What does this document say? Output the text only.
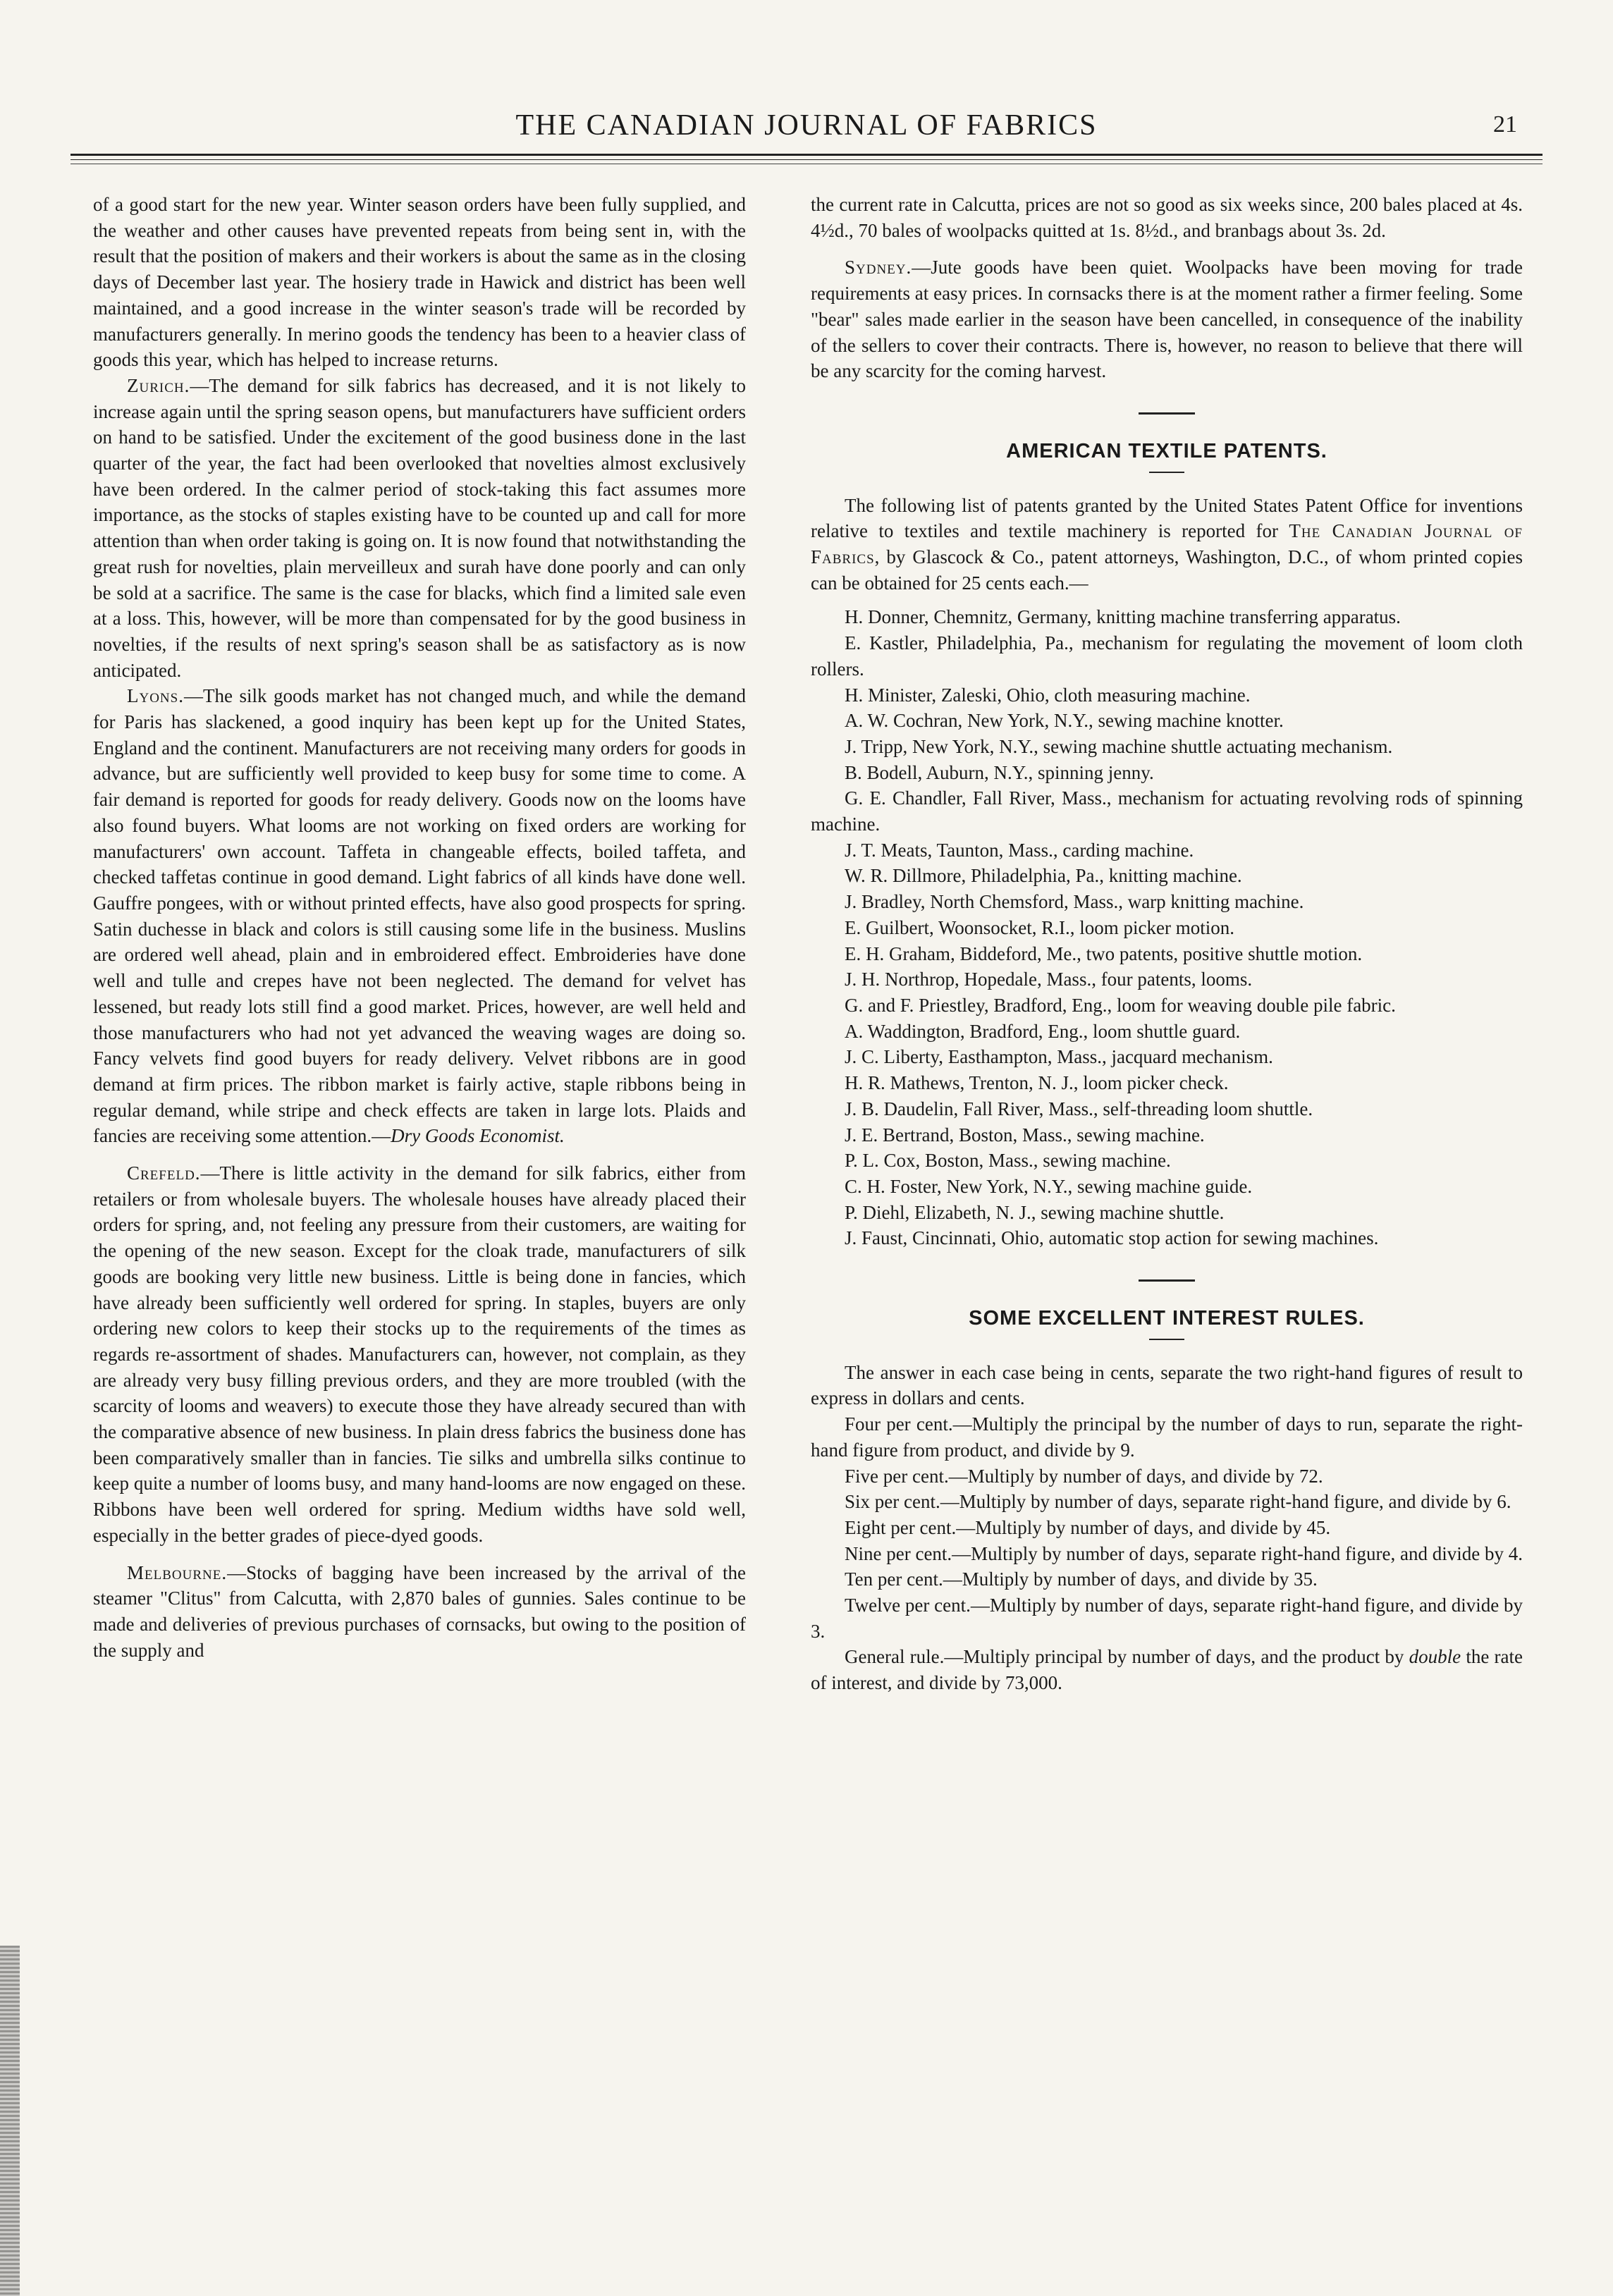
THE CANADIAN JOURNAL OF FABRICS	21

of a good start for the new year. Winter season orders have been fully supplied, and the weather and other causes have prevented repeats from being sent in, with the result that the position of makers and their workers is about the same as in the closing days of December last year. The hosiery trade in Hawick and district has been well maintained, and a good increase in the winter season's trade will be recorded by manufacturers generally. In merino goods the tendency has been to a heavier class of goods this year, which has helped to increase returns.

Zurich.—The demand for silk fabrics has decreased, and it is not likely to increase again until the spring season opens, but manufacturers have sufficient orders on hand to be satisfied. Under the excitement of the good business done in the last quarter of the year, the fact had been overlooked that novelties almost exclusively have been ordered. In the calmer period of stock-taking this fact assumes more importance, as the stocks of staples existing have to be counted up and call for more attention than when order taking is going on. It is now found that notwithstanding the great rush for novelties, plain merveilleux and surah have done poorly and can only be sold at a sacrifice. The same is the case for blacks, which find a limited sale even at a loss. This, however, will be more than compensated for by the good business in novelties, if the results of next spring's season shall be as satisfactory as is now anticipated.

Lyons.—The silk goods market has not changed much, and while the demand for Paris has slackened, a good inquiry has been kept up for the United States, England and the continent. Manufacturers are not receiving many orders for goods in advance, but are sufficiently well provided to keep busy for some time to come. A fair demand is reported for goods for ready delivery. Goods now on the looms have also found buyers. What looms are not working on fixed orders are working for manufacturers' own account. Taffeta in changeable effects, boiled taffeta, and checked taffetas continue in good demand. Light fabrics of all kinds have done well. Gauffre pongees, with or without printed effects, have also good prospects for spring. Satin duchesse in black and colors is still causing some life in the business. Muslins are ordered well ahead, plain and in embroidered effect. Embroideries have done well and tulle and crepes have not been neglected. The demand for velvet has lessened, but ready lots still find a good market. Prices, however, are well held and those manufacturers who had not yet advanced the weaving wages are doing so. Fancy velvets find good buyers for ready delivery. Velvet ribbons are in good demand at firm prices. The ribbon market is fairly active, staple ribbons being in regular demand, while stripe and check effects are taken in large lots. Plaids and fancies are receiving some attention.—Dry Goods Economist.

Crefeld.—There is little activity in the demand for silk fabrics, either from retailers or from wholesale buyers. The wholesale houses have already placed their orders for spring, and, not feeling any pressure from their customers, are waiting for the opening of the new season. Except for the cloak trade, manufacturers of silk goods are booking very little new business. Little is being done in fancies, which have already been sufficiently well ordered for spring. In staples, buyers are only ordering new colors to keep their stocks up to the requirements of the times as regards re-assortment of shades. Manufacturers can, however, not complain, as they are already very busy filling previous orders, and they are more troubled (with the scarcity of looms and weavers) to execute those they have already secured than with the comparative absence of new business. In plain dress fabrics the business done has been comparatively smaller than in fancies. Tie silks and umbrella silks continue to keep quite a number of looms busy, and many hand-looms are now engaged on these. Ribbons have been well ordered for spring. Medium widths have sold well, especially in the better grades of piece-dyed goods.

Melbourne.—Stocks of bagging have been increased by the arrival of the steamer "Clitus" from Calcutta, with 2,870 bales of gunnies. Sales continue to be made and deliveries of previous purchases of cornsacks, but owing to the position of the supply and

the current rate in Calcutta, prices are not so good as six weeks since, 200 bales placed at 4s. 4½d., 70 bales of woolpacks quitted at 1s. 8½d., and branbags about 3s. 2d.

Sydney.—Jute goods have been quiet. Woolpacks have been moving for trade requirements at easy prices. In cornsacks there is at the moment rather a firmer feeling. Some "bear" sales made earlier in the season have been cancelled, in consequence of the inability of the sellers to cover their contracts. There is, however, no reason to believe that there will be any scarcity for the coming harvest.

AMERICAN TEXTILE PATENTS.

The following list of patents granted by the United States Patent Office for inventions relative to textiles and textile machinery is reported for The Canadian Journal of Fabrics, by Glascock & Co., patent attorneys, Washington, D.C., of whom printed copies can be obtained for 25 cents each.—

H. Donner, Chemnitz, Germany, knitting machine transferring apparatus.

E. Kastler, Philadelphia, Pa., mechanism for regulating the movement of loom cloth rollers.

H. Minister, Zaleski, Ohio, cloth measuring machine.

A. W. Cochran, New York, N.Y., sewing machine knotter.

J. Tripp, New York, N.Y., sewing machine shuttle actuating mechanism.

B. Bodell, Auburn, N.Y., spinning jenny.

G. E. Chandler, Fall River, Mass., mechanism for actuating revolving rods of spinning machine.

J. T. Meats, Taunton, Mass., carding machine.

W. R. Dillmore, Philadelphia, Pa., knitting machine.

J. Bradley, North Chemsford, Mass., warp knitting machine.

E. Guilbert, Woonsocket, R.I., loom picker motion.

E. H. Graham, Biddeford, Me., two patents, positive shuttle motion.

J. H. Northrop, Hopedale, Mass., four patents, looms.

G. and F. Priestley, Bradford, Eng., loom for weaving double pile fabric.

A. Waddington, Bradford, Eng., loom shuttle guard.

J. C. Liberty, Easthampton, Mass., jacquard mechanism.

H. R. Mathews, Trenton, N. J., loom picker check.

J. B. Daudelin, Fall River, Mass., self-threading loom shuttle.

J. E. Bertrand, Boston, Mass., sewing machine.

P. L. Cox, Boston, Mass., sewing machine.

C. H. Foster, New York, N.Y., sewing machine guide.

P. Diehl, Elizabeth, N. J., sewing machine shuttle.

J. Faust, Cincinnati, Ohio, automatic stop action for sewing machines.

SOME EXCELLENT INTEREST RULES.

The answer in each case being in cents, separate the two right-hand figures of result to express in dollars and cents.

Four per cent.—Multiply the principal by the number of days to run, separate the right-hand figure from product, and divide by 9.

Five per cent.—Multiply by number of days, and divide by 72.

Six per cent.—Multiply by number of days, separate right-hand figure, and divide by 6.

Eight per cent.—Multiply by number of days, and divide by 45.

Nine per cent.—Multiply by number of days, separate right-hand figure, and divide by 4.

Ten per cent.—Multiply by number of days, and divide by 35.

Twelve per cent.—Multiply by number of days, separate right-hand figure, and divide by 3.

General rule.—Multiply principal by number of days, and the product by double the rate of interest, and divide by 73,000.
